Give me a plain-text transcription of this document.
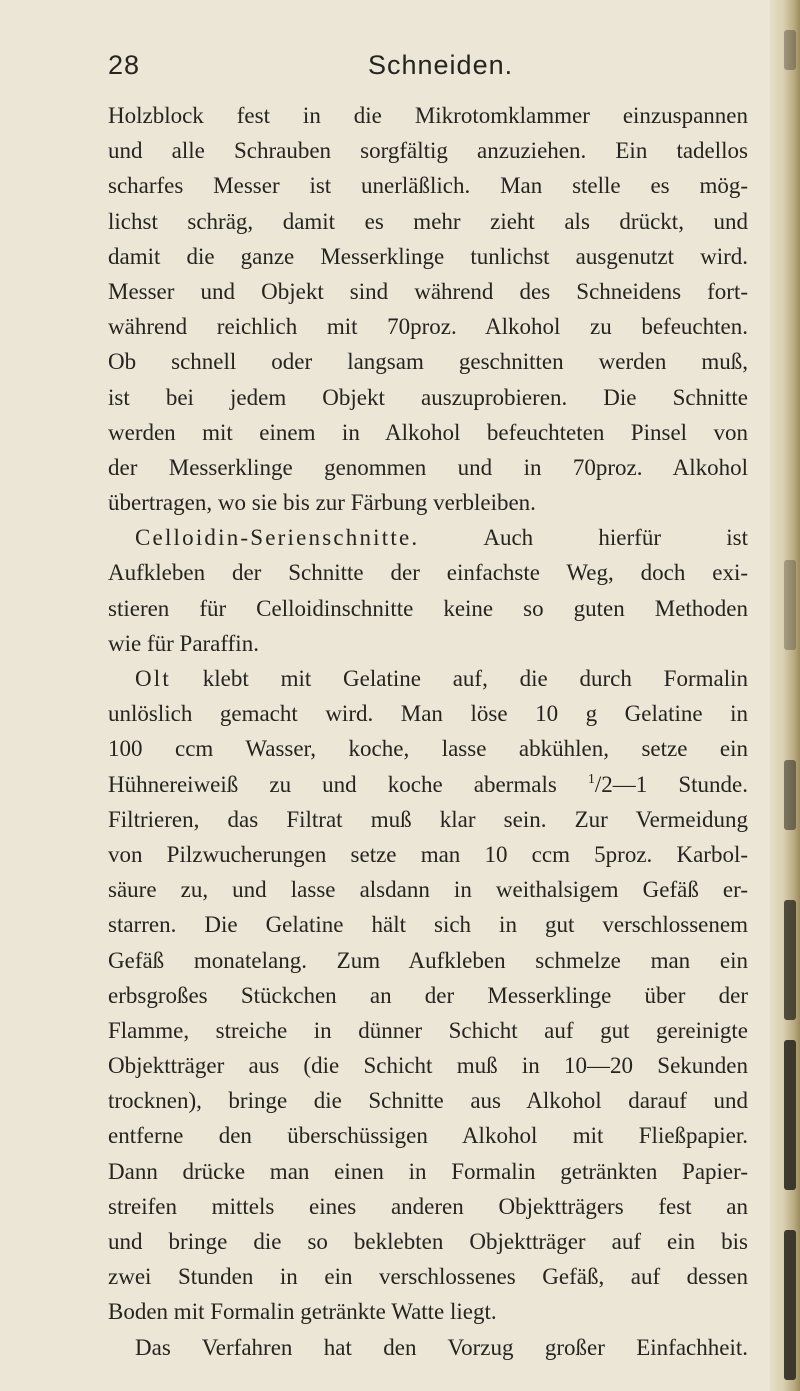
28	Schneiden.
Holzblock fest in die Mikrotomklammer einzuspannen
und alle Schrauben sorgfältig anzuziehen. Ein tadellos
scharfes Messer ist unerläßlich. Man stelle es mög-
lichst schräg, damit es mehr zieht als drückt, und
damit die ganze Messerklinge tunlichst ausgenutzt wird.
Messer und Objekt sind während des Schneidens fort-
während reichlich mit 70proz. Alkohol zu befeuchten.
Ob schnell oder langsam geschnitten werden muß,
ist bei jedem Objekt auszuprobieren. Die Schnitte
werden mit einem in Alkohol befeuchteten Pinsel von
der Messerklinge genommen und in 70proz. Alkohol
übertragen, wo sie bis zur Färbung verbleiben.
Celloidin-Serienschnitte.	Auch hierfür ist
Aufkleben der Schnitte der einfachste Weg, doch exi-
stieren für Celloidinschnitte keine so guten Methoden
wie für Paraffin.
Olt klebt mit Gelatine auf, die durch Formalin
unlöslich gemacht wird. Man löse 10 g Gelatine in
100 ccm Wasser, koche, lasse abkühlen, setze ein
Hühnereiweiß zu und koche abermals $^1$/2—1 Stunde.
Filtrieren, das Filtrat muß klar sein. Zur Vermeidung
von Pilzwucherungen setze man 10 ccm 5proz. Karbol-
säure zu, und lasse alsdann in weithalsigem Gefäß er-
starren. Die Gelatine hält sich in gut verschlossenem
Gefäß monatelang. Zum Aufkleben schmelze man ein
erbsgroßes Stückchen an der Messerklinge über der
Flamme, streiche in dünner Schicht auf gut gereinigte
Objektträger aus (die Schicht muß in 10—20 Sekunden
trocknen), bringe die Schnitte aus Alkohol darauf und
entferne den überschüssigen Alkohol mit Fließpapier.
Dann drücke man einen in Formalin getränkten Papier-
streifen mittels eines anderen Objektträgers fest an
und bringe die so beklebten Objektträger auf ein bis
zwei Stunden in ein verschlossenes Gefäß, auf dessen
Boden mit Formalin getränkte Watte liegt.
Das Verfahren hat den Vorzug großer Einfachheit.
